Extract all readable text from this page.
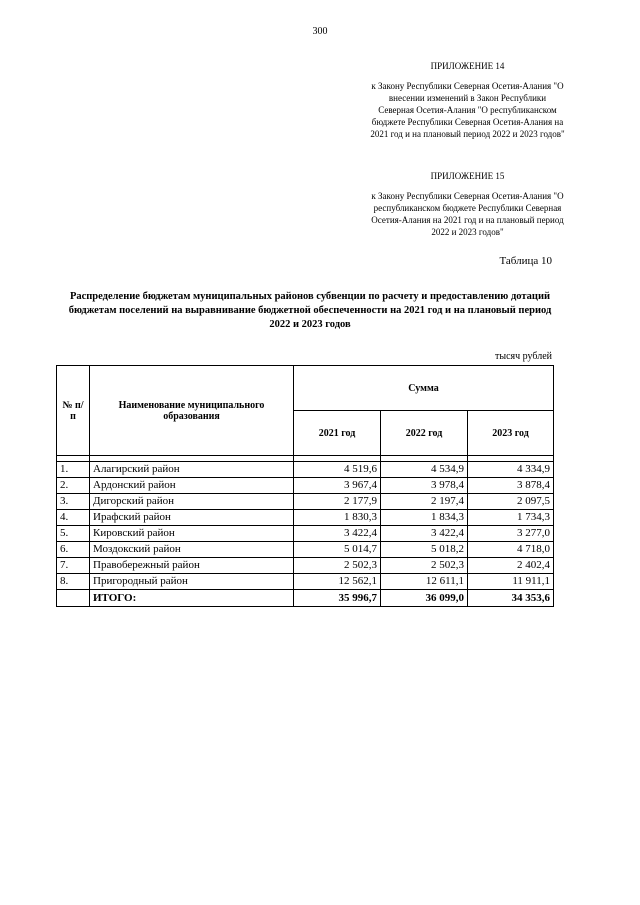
300
ПРИЛОЖЕНИЕ 14
к Закону Республики Северная Осетия-Алания "О внесении изменений в Закон Республики Северная Осетия-Алания "О республиканском бюджете Республики Северная Осетия-Алания на 2021 год и на плановый период 2022 и 2023 годов"
ПРИЛОЖЕНИЕ 15
к Закону Республики Северная Осетия-Алания "О республиканском бюджете Республики Северная Осетия-Алания на 2021 год и на плановый период 2022 и 2023 годов"
Таблица 10
Распределение бюджетам муниципальных районов субвенции по расчету и предоставлению дотаций бюджетам поселений на выравнивание бюджетной обеспеченности на 2021 год и на плановый период 2022 и 2023 годов
тысяч рублей
№ п/п	Наименование муниципального образования	Сумма		
		2021 год	2022 год	2023 год

1.	Алагирский район	4 519,6	4 534,9	4 334,9
2.	Ардонский район	3 967,4	3 978,4	3 878,4
3.	Дигорский район	2 177,9	2 197,4	2 097,5
4.	Ирафский район	1 830,3	1 834,3	1 734,3
5.	Кировский район	3 422,4	3 422,4	3 277,0
6.	Моздокский район	5 014,7	5 018,2	4 718,0
7.	Правобережный район	2 502,3	2 502,3	2 402,4
8.	Пригородный район	12 562,1	12 611,1	11 911,1
	ИТОГО:	35 996,7	36 099,0	34 353,6
